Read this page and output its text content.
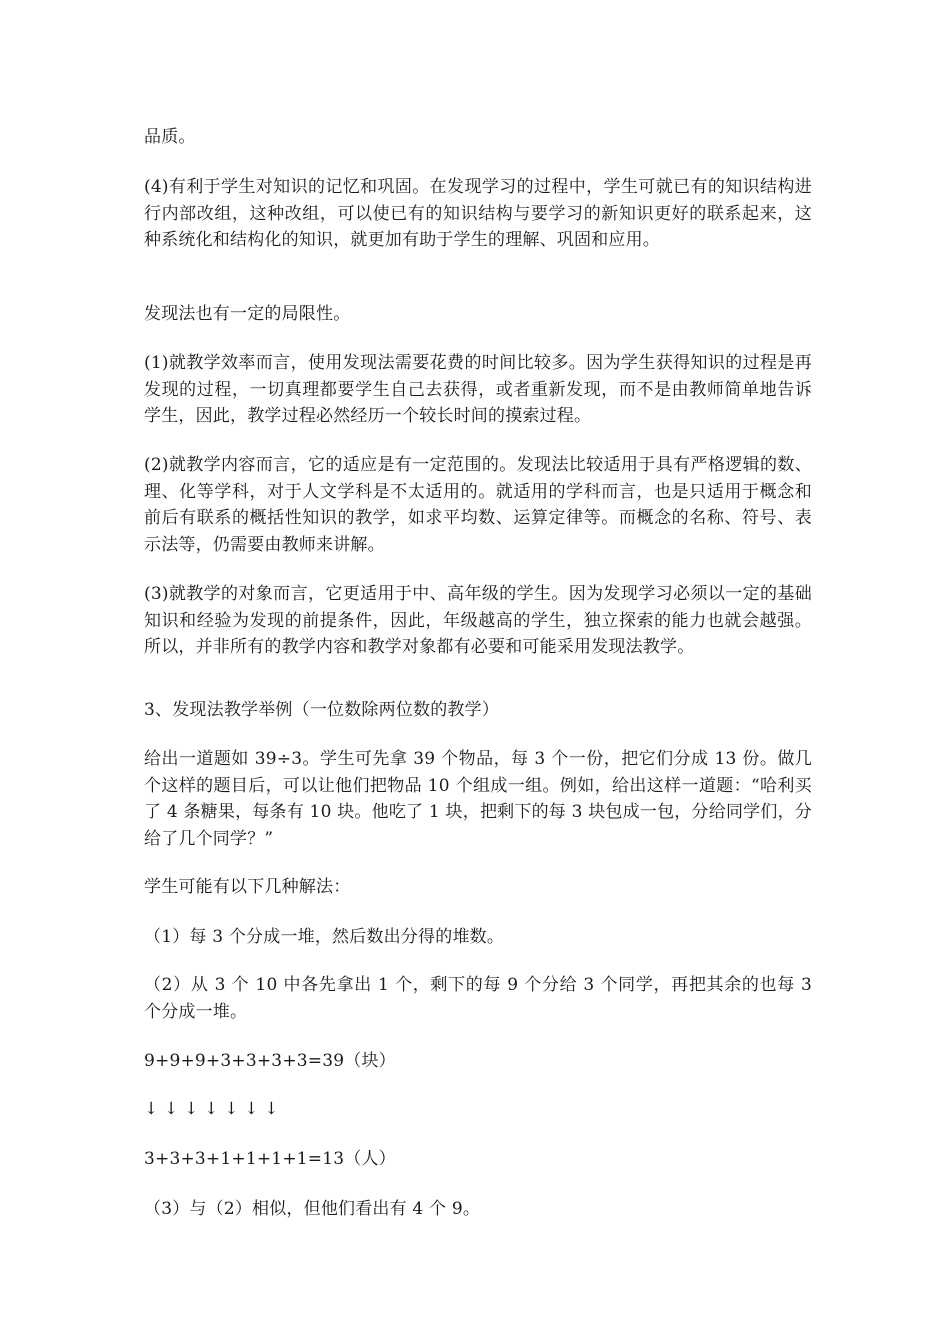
品质。

(4)有利于学生对知识的记忆和巩固。在发现学习的过程中，学生可就已有的知识结构进行内部改组，这种改组，可以使已有的知识结构与要学习的新知识更好的联系起来，这种系统化和结构化的知识，就更加有助于学生的理解、巩固和应用。

发现法也有一定的局限性。

(1)就教学效率而言，使用发现法需要花费的时间比较多。因为学生获得知识的过程是再发现的过程，一切真理都要学生自己去获得，或者重新发现，而不是由教师简单地告诉学生，因此，教学过程必然经历一个较长时间的摸索过程。

(2)就教学内容而言，它的适应是有一定范围的。发现法比较适用于具有严格逻辑的数、理、化等学科，对于人文学科是不太适用的。就适用的学科而言，也是只适用于概念和前后有联系的概括性知识的教学，如求平均数、运算定律等。而概念的名称、符号、表示法等，仍需要由教师来讲解。

(3)就教学的对象而言，它更适用于中、高年级的学生。因为发现学习必须以一定的基础知识和经验为发现的前提条件，因此，年级越高的学生，独立探索的能力也就会越强。所以，并非所有的教学内容和教学对象都有必要和可能采用发现法教学。

3、发现法教学举例（一位数除两位数的教学）

给出一道题如 39÷3。学生可先拿 39 个物品，每 3 个一份，把它们分成 13 份。做几个这样的题目后，可以让他们把物品 10 个组成一组。例如，给出这样一道题：“哈利买了 4 条糖果，每条有 10 块。他吃了 1 块，把剩下的每 3 块包成一包，分给同学们，分给了几个同学？”

学生可能有以下几种解法：

（1）每 3 个分成一堆，然后数出分得的堆数。

（2）从 3 个 10 中各先拿出 1 个，剩下的每 9 个分给 3 个同学，再把其余的也每 3 个分成一堆。

9+9+9+3+3+3+3=39（块）

↓ ↓ ↓ ↓ ↓ ↓ ↓

3+3+3+1+1+1+1=13（人）

（3）与（2）相似，但他们看出有 4 个 9。
